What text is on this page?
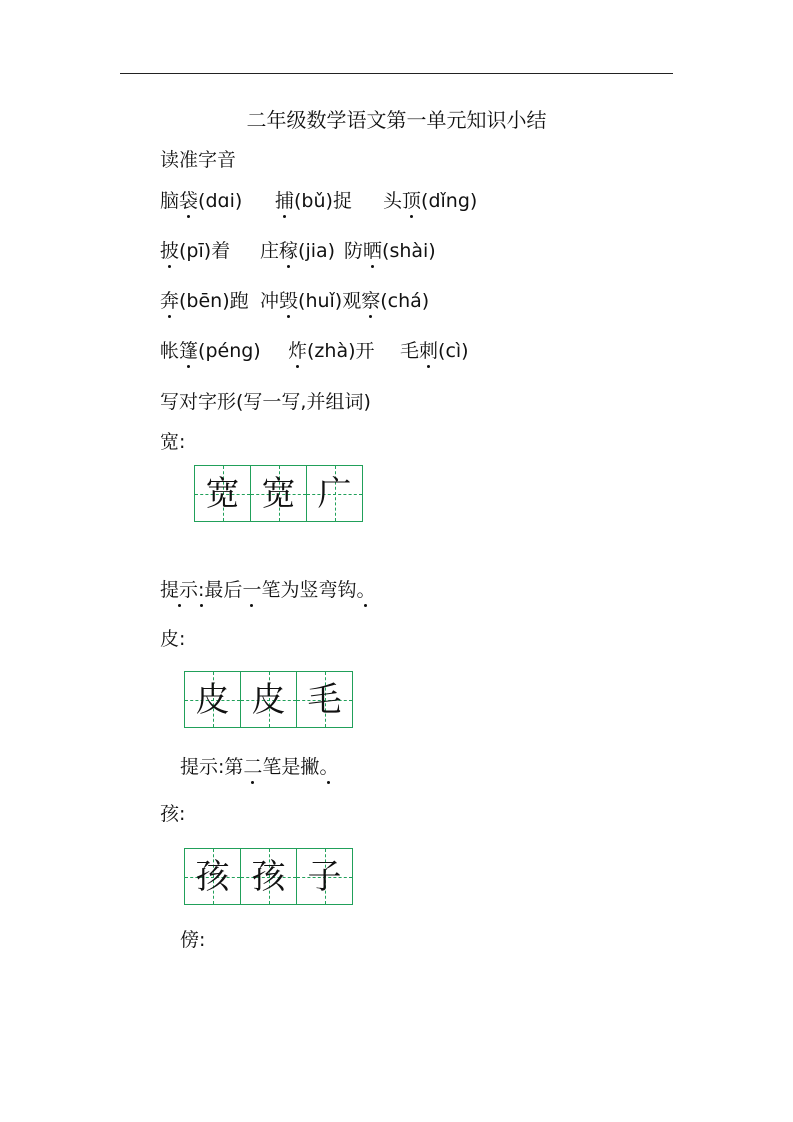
二年级数学语文第一单元知识小结
读准字音
脑袋(dɑi) 捕(bǔ)捉 头顶(dǐng)
披(pī)着 庄稼(jia) 防晒(shài)
奔(bēn)跑 冲毁(huǐ)观察(chá)
帐篷(péng) 炸(zhà)开 毛刺(cì)
写对字形(写一写,并组词)
宽:
宽 宽 广
提示:最后一笔为竖弯钩。
皮:
皮 皮 毛
提示:第二笔是撇。
孩:
孩 孩 子
傍:
